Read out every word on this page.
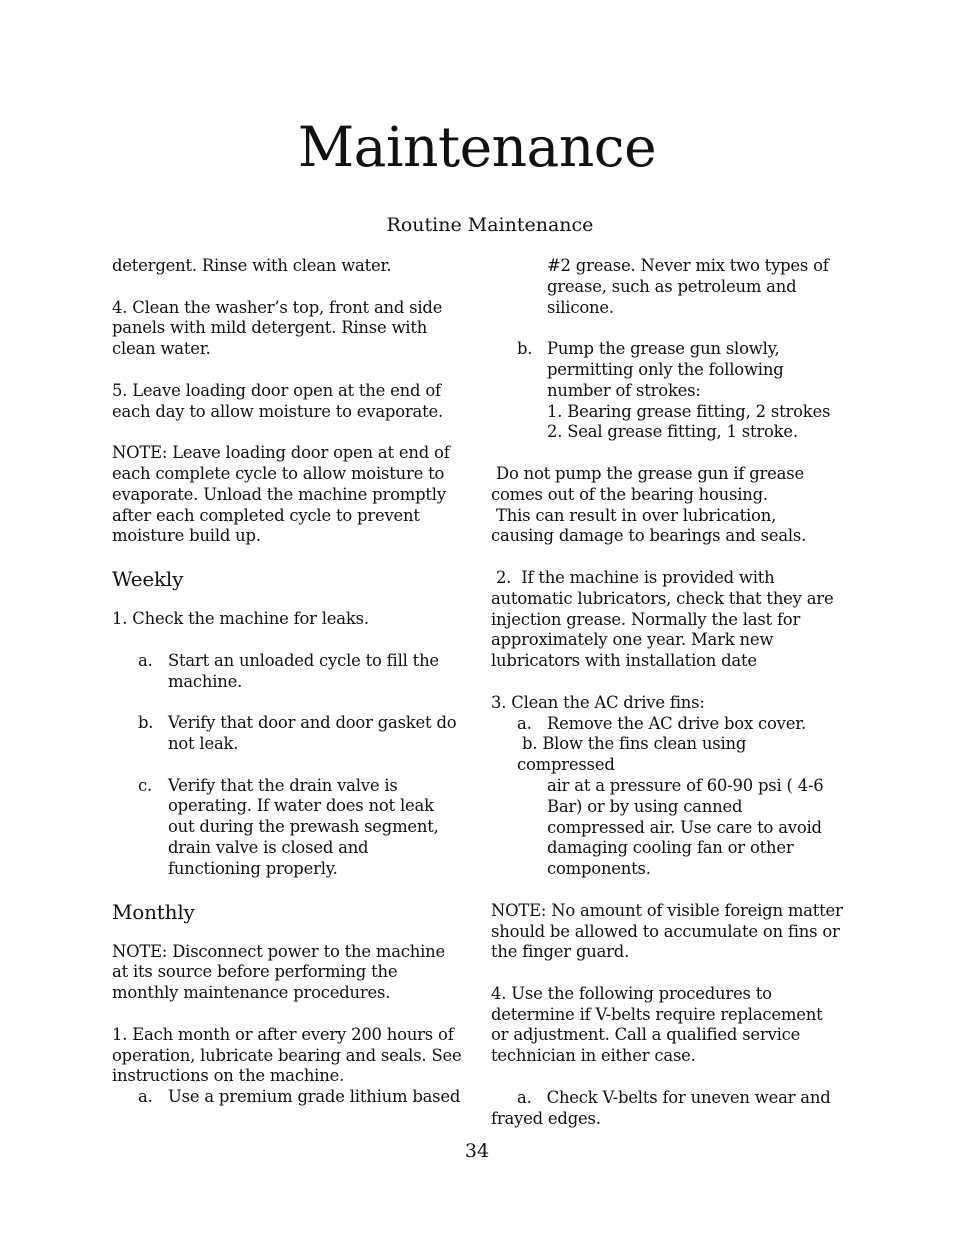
Maintenance
Routine Maintenance

detergent. Rinse with clean water.

4. Clean the washer’s top, front and side panels with mild detergent. Rinse with clean water.

5. Leave loading door open at the end of each day to allow moisture to evaporate.

NOTE: Leave loading door open at end of each complete cycle to allow moisture to evaporate. Unload the machine promptly after each completed cycle to prevent moisture build up.

Weekly

1. Check the machine for leaks.

a. Start an unloaded cycle to fill the machine.
b. Verify that door and door gasket do not leak.
c. Verify that the drain valve is operating. If water does not leak out during the prewash segment, drain valve is closed and functioning properly.

Monthly

NOTE: Disconnect power to the machine at its source before performing the monthly maintenance procedures.

1. Each month or after every 200 hours of operation, lubricate bearing and seals. See instructions on the machine.

a. Use a premium grade lithium based

#2 grease. Never mix two types of grease, such as petroleum and silicone.

b. Pump the grease gun slowly, permitting only the following number of strokes:

1. Bearing grease fitting, 2 strokes

2. Seal grease fitting, 1 stroke.

Do not pump the grease gun if grease comes out of the bearing housing.
This can result in over lubrication, causing damage to bearings and seals.

2.  If the machine is provided with automatic lubricators, check that they are injection grease. Normally the last for approximately one year. Mark new lubricators with installation date

3. Clean the AC drive fins:

a. Remove the AC drive box cover.

b. Blow the fins clean using compressed

air at a pressure of 60-90 psi ( 4-6 Bar) or by using canned compressed air. Use care to avoid damaging cooling fan or other components.

NOTE: No amount of visible foreign matter should be allowed to accumulate on fins or the finger guard.

4. Use the following procedures to determine if V-belts require replacement or adjustment. Call a qualified service technician in either case.

a.   Check V-belts for uneven wear and

frayed edges.

34
